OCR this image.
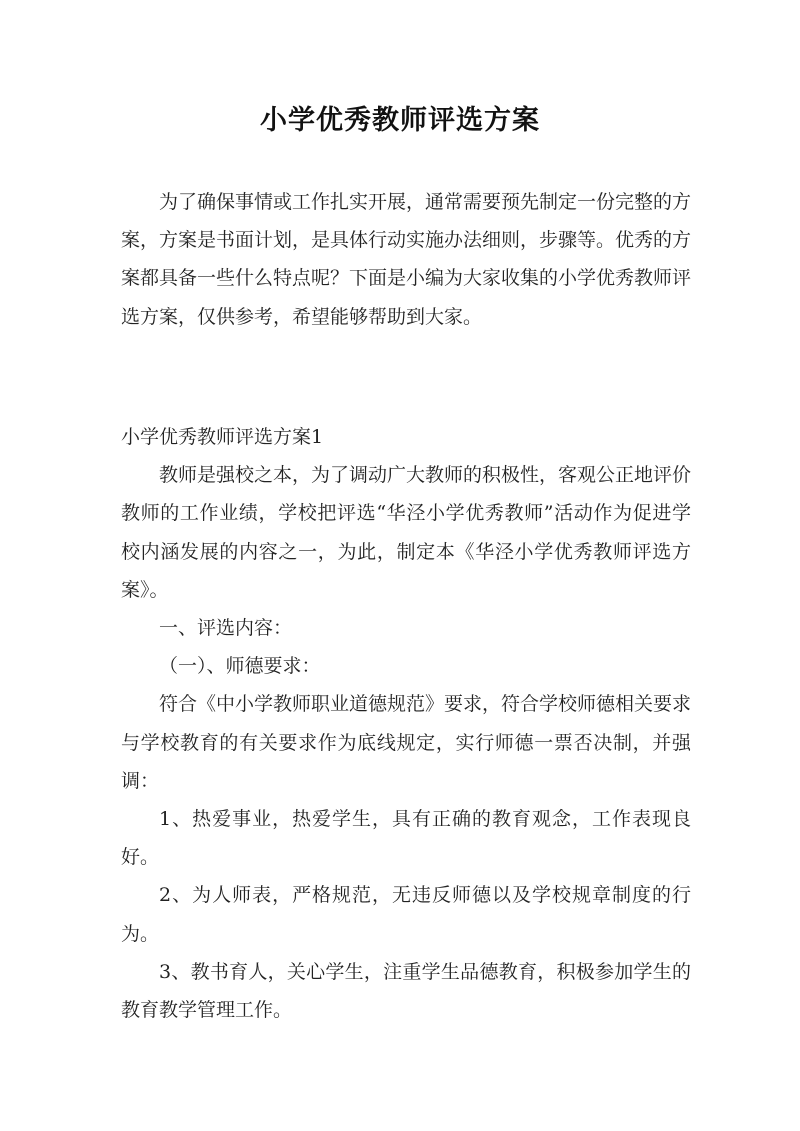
小学优秀教师评选方案

为了确保事情或工作扎实开展，通常需要预先制定一份完整的方案，方案是书面计划，是具体行动实施办法细则，步骤等。优秀的方案都具备一些什么特点呢？下面是小编为大家收集的小学优秀教师评选方案，仅供参考，希望能够帮助到大家。

小学优秀教师评选方案1

教师是强校之本，为了调动广大教师的积极性，客观公正地评价教师的工作业绩，学校把评选“华泾小学优秀教师”活动作为促进学校内涵发展的内容之一，为此，制定本《华泾小学优秀教师评选方案》。

一、评选内容：

（一）、师德要求：

符合《中小学教师职业道德规范》要求，符合学校师德相关要求与学校教育的有关要求作为底线规定，实行师德一票否决制，并强调：

1、热爱事业，热爱学生，具有正确的教育观念，工作表现良好。

2、为人师表，严格规范，无违反师德以及学校规章制度的行为。

3、教书育人，关心学生，注重学生品德教育，积极参加学生的教育教学管理工作。
